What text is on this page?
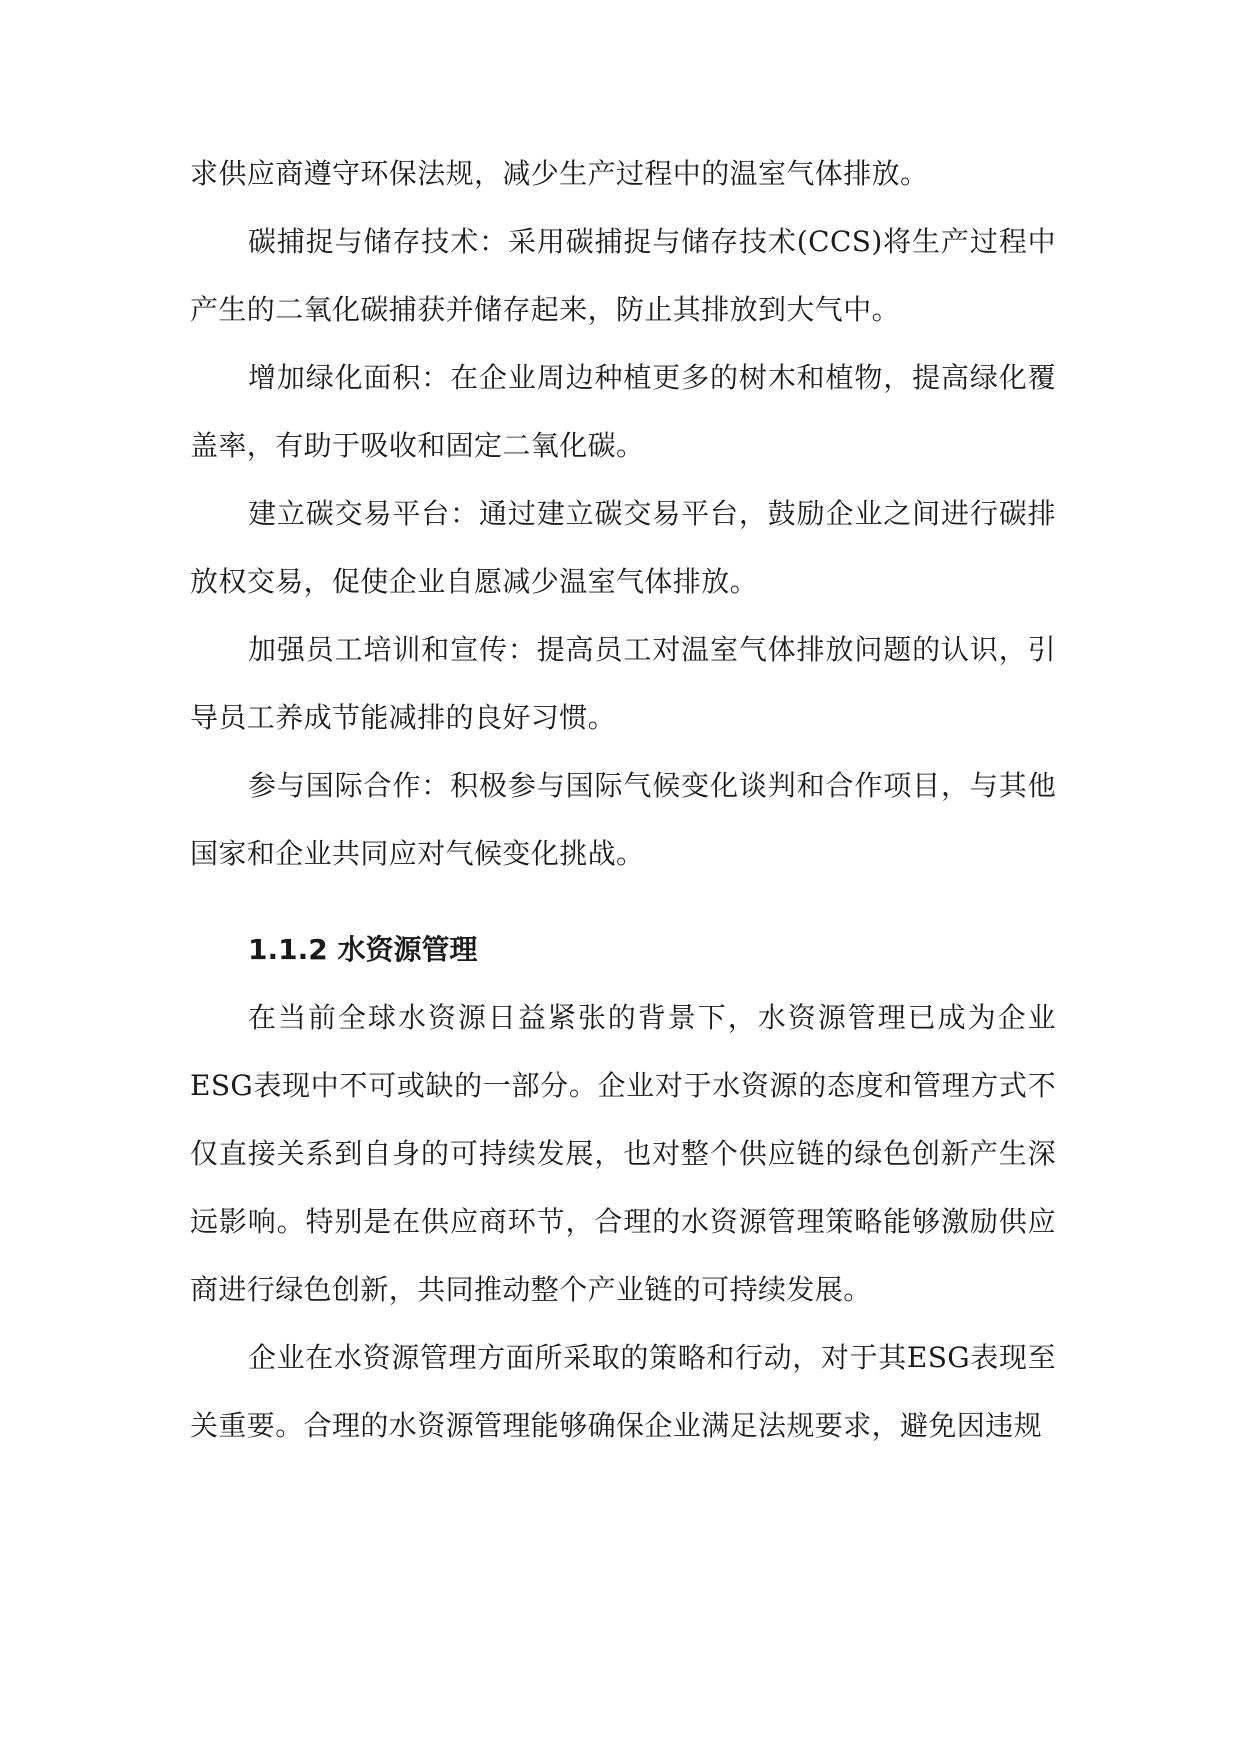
求供应商遵守环保法规，减少生产过程中的温室气体排放。

碳捕捉与储存技术：采用碳捕捉与储存技术(CCS)将生产过程中产生的二氧化碳捕获并储存起来，防止其排放到大气中。

增加绿化面积：在企业周边种植更多的树木和植物，提高绿化覆盖率，有助于吸收和固定二氧化碳。

建立碳交易平台：通过建立碳交易平台，鼓励企业之间进行碳排放权交易，促使企业自愿减少温室气体排放。

加强员工培训和宣传：提高员工对温室气体排放问题的认识，引导员工养成节能减排的良好习惯。

参与国际合作：积极参与国际气候变化谈判和合作项目，与其他国家和企业共同应对气候变化挑战。

1.1.2 水资源管理

在当前全球水资源日益紧张的背景下，水资源管理已成为企业ESG表现中不可或缺的一部分。企业对于水资源的态度和管理方式不仅直接关系到自身的可持续发展，也对整个供应链的绿色创新产生深远影响。特别是在供应商环节，合理的水资源管理策略能够激励供应商进行绿色创新，共同推动整个产业链的可持续发展。

企业在水资源管理方面所采取的策略和行动，对于其ESG表现至关重要。合理的水资源管理能够确保企业满足法规要求，避免因违规
